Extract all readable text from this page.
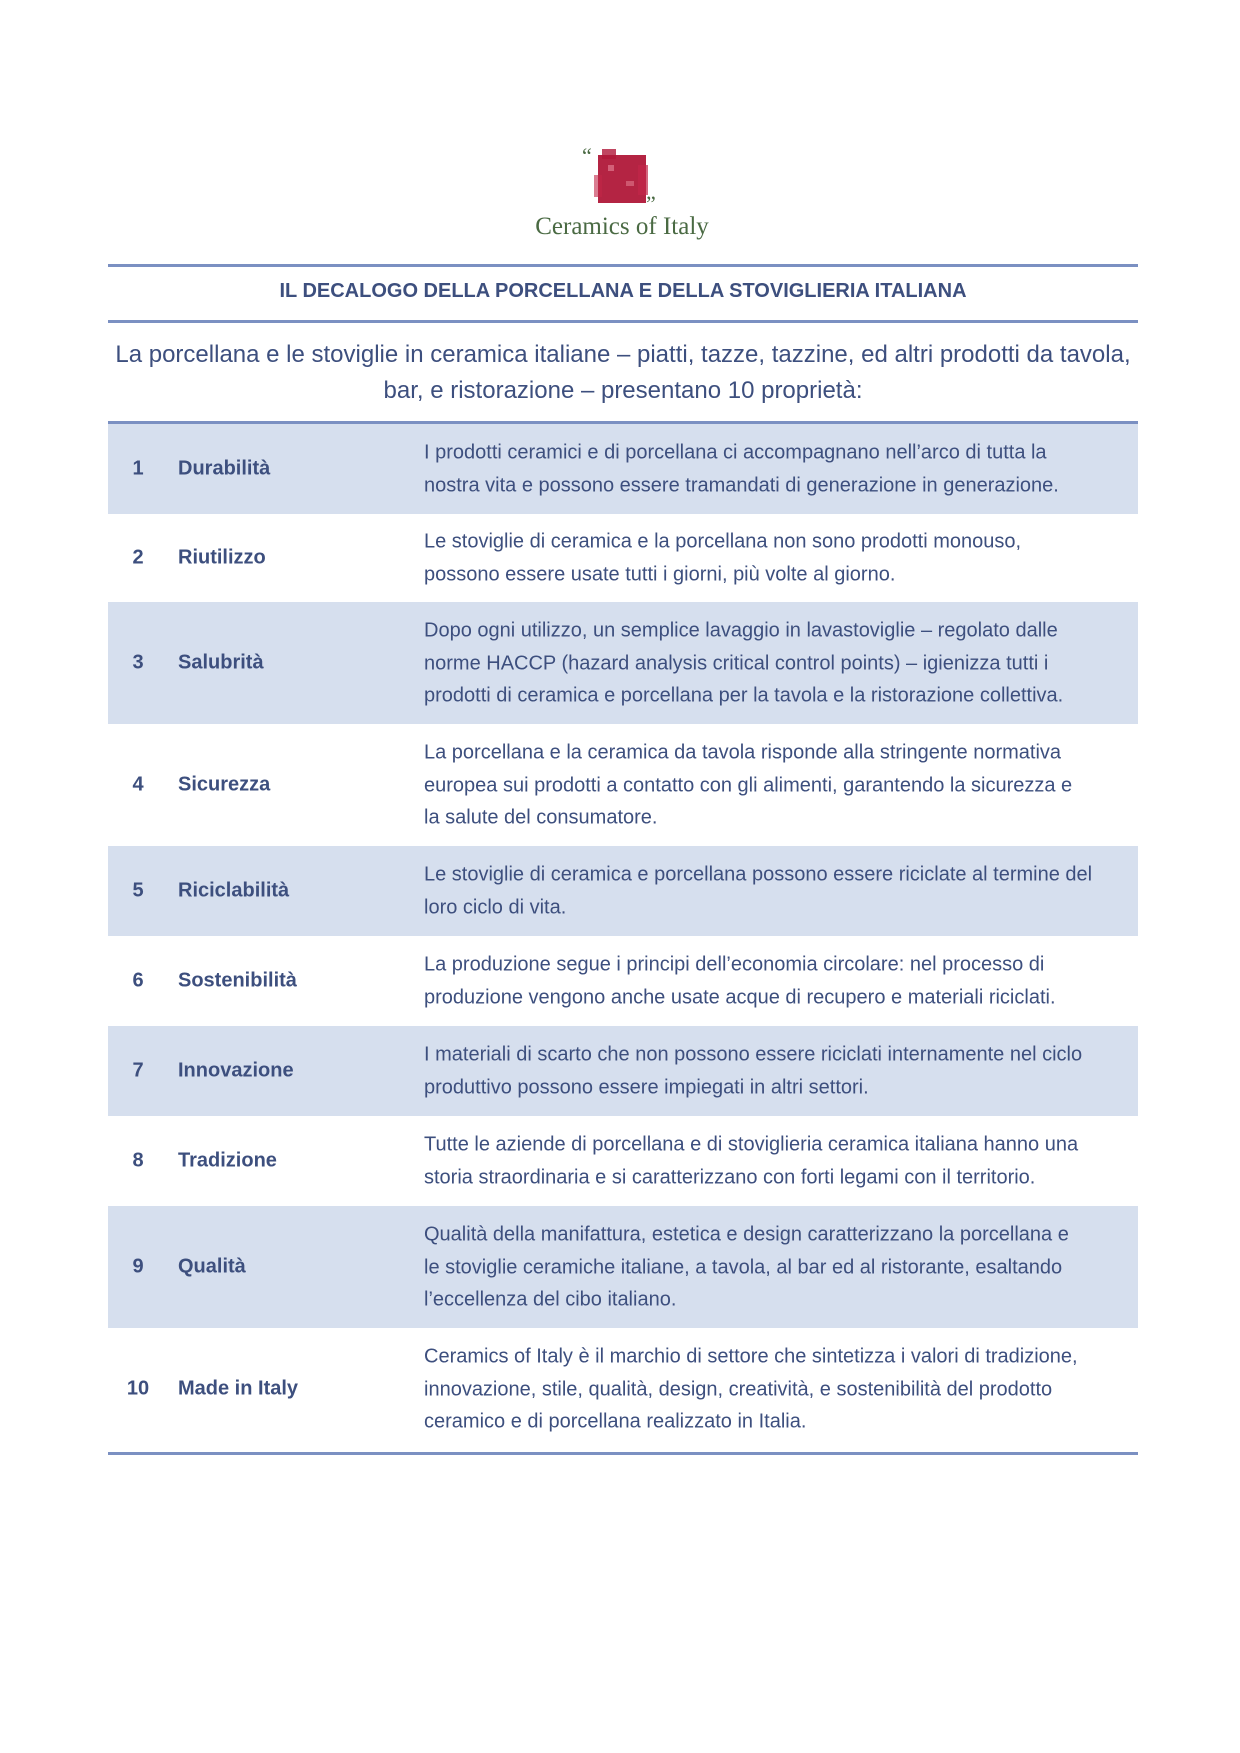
“
”
Ceramics of Italy
IL DECALOGO DELLA PORCELLANA E DELLA STOVIGLIERIA ITALIANA
La porcellana e le stoviglie in ceramica italiane – piatti, tazze, tazzine, ed altri prodotti da tavola,
bar, e ristorazione – presentano 10 proprietà:
1	Durabilità
I prodotti ceramici e di porcellana ci accompagnano nell’arco di tutta la
nostra vita e possono essere tramandati di generazione in generazione.
2	Riutilizzo
Le stoviglie di ceramica e la porcellana non sono prodotti monouso,
possono essere usate tutti i giorni, più volte al giorno.
3	Salubrità
Dopo ogni utilizzo, un semplice lavaggio in lavastoviglie – regolato dalle
norme HACCP (hazard analysis critical control points) – igienizza tutti i
prodotti di ceramica e porcellana per la tavola e la ristorazione collettiva.
4	Sicurezza
La porcellana e la ceramica da tavola risponde alla stringente normativa
europea sui prodotti a contatto con gli alimenti, garantendo la sicurezza e
la salute del consumatore.
5	Riciclabilità
Le stoviglie di ceramica e porcellana possono essere riciclate al termine del
loro ciclo di vita.
6	Sostenibilità
La produzione segue i principi dell’economia circolare: nel processo di
produzione vengono anche usate acque di recupero e materiali riciclati.
7	Innovazione
I materiali di scarto che non possono essere riciclati internamente nel ciclo
produttivo possono essere impiegati in altri settori.
8	Tradizione
Tutte le aziende di porcellana e di stoviglieria ceramica italiana hanno una
storia straordinaria e si caratterizzano con forti legami con il territorio.
9	Qualità
Qualità della manifattura, estetica e design caratterizzano la porcellana e
le stoviglie ceramiche italiane, a tavola, al bar ed al ristorante, esaltando
l’eccellenza del cibo italiano.
10	Made in Italy
Ceramics of Italy è il marchio di settore che sintetizza i valori di tradizione,
innovazione, stile, qualità, design, creatività, e sostenibilità del prodotto
ceramico e di porcellana realizzato in Italia.
